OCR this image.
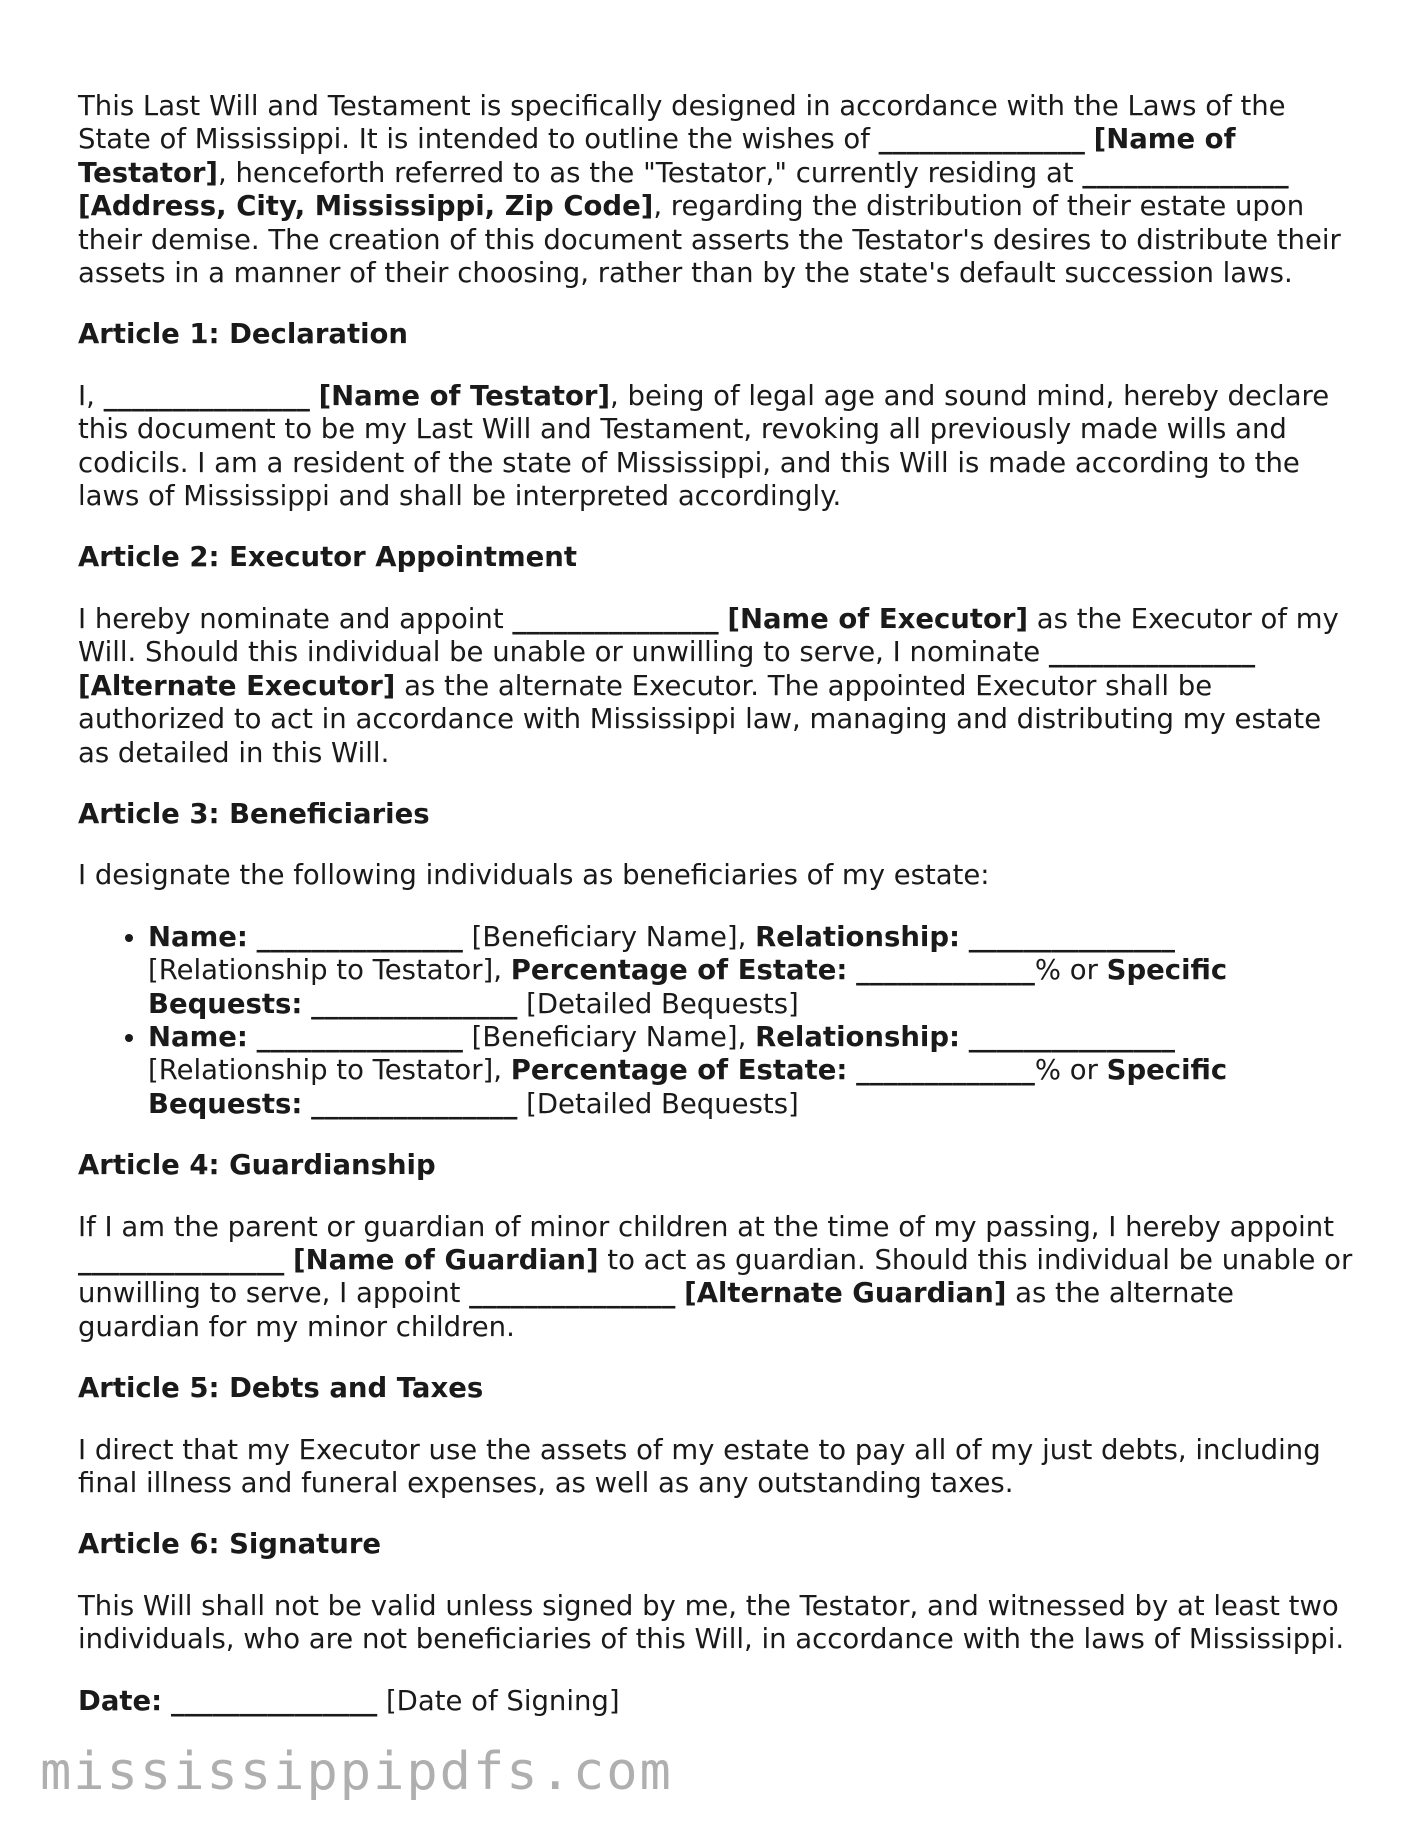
This Last Will and Testament is specifically designed in accordance with the Laws of the State of Mississippi. It is intended to outline the wishes of _______________ [Name of Testator], henceforth referred to as the "Testator," currently residing at _______________ [Address, City, Mississippi, Zip Code], regarding the distribution of their estate upon their demise. The creation of this document asserts the Testator's desires to distribute their assets in a manner of their choosing, rather than by the state's default succession laws.

Article 1: Declaration

I, _______________ [Name of Testator], being of legal age and sound mind, hereby declare this document to be my Last Will and Testament, revoking all previously made wills and codicils. I am a resident of the state of Mississippi, and this Will is made according to the laws of Mississippi and shall be interpreted accordingly.

Article 2: Executor Appointment

I hereby nominate and appoint _______________ [Name of Executor] as the Executor of my Will. Should this individual be unable or unwilling to serve, I nominate _______________ [Alternate Executor] as the alternate Executor. The appointed Executor shall be authorized to act in accordance with Mississippi law, managing and distributing my estate as detailed in this Will.

Article 3: Beneficiaries

I designate the following individuals as beneficiaries of my estate:

• Name: _______________ [Beneficiary Name], Relationship: _______________ [Relationship to Testator], Percentage of Estate: _____________% or Specific Bequests: _______________ [Detailed Bequests]
• Name: _______________ [Beneficiary Name], Relationship: _______________ [Relationship to Testator], Percentage of Estate: _____________% or Specific Bequests: _______________ [Detailed Bequests]
Article 4: Guardianship

If I am the parent or guardian of minor children at the time of my passing, I hereby appoint _______________ [Name of Guardian] to act as guardian. Should this individual be unable or unwilling to serve, I appoint _______________ [Alternate Guardian] as the alternate guardian for my minor children.

Article 5: Debts and Taxes

I direct that my Executor use the assets of my estate to pay all of my just debts, including final illness and funeral expenses, as well as any outstanding taxes.

Article 6: Signature

This Will shall not be valid unless signed by me, the Testator, and witnessed by at least two individuals, who are not beneficiaries of this Will, in accordance with the laws of Mississippi.

Date: _______________ [Date of Signing]

mississippipdfs.com
